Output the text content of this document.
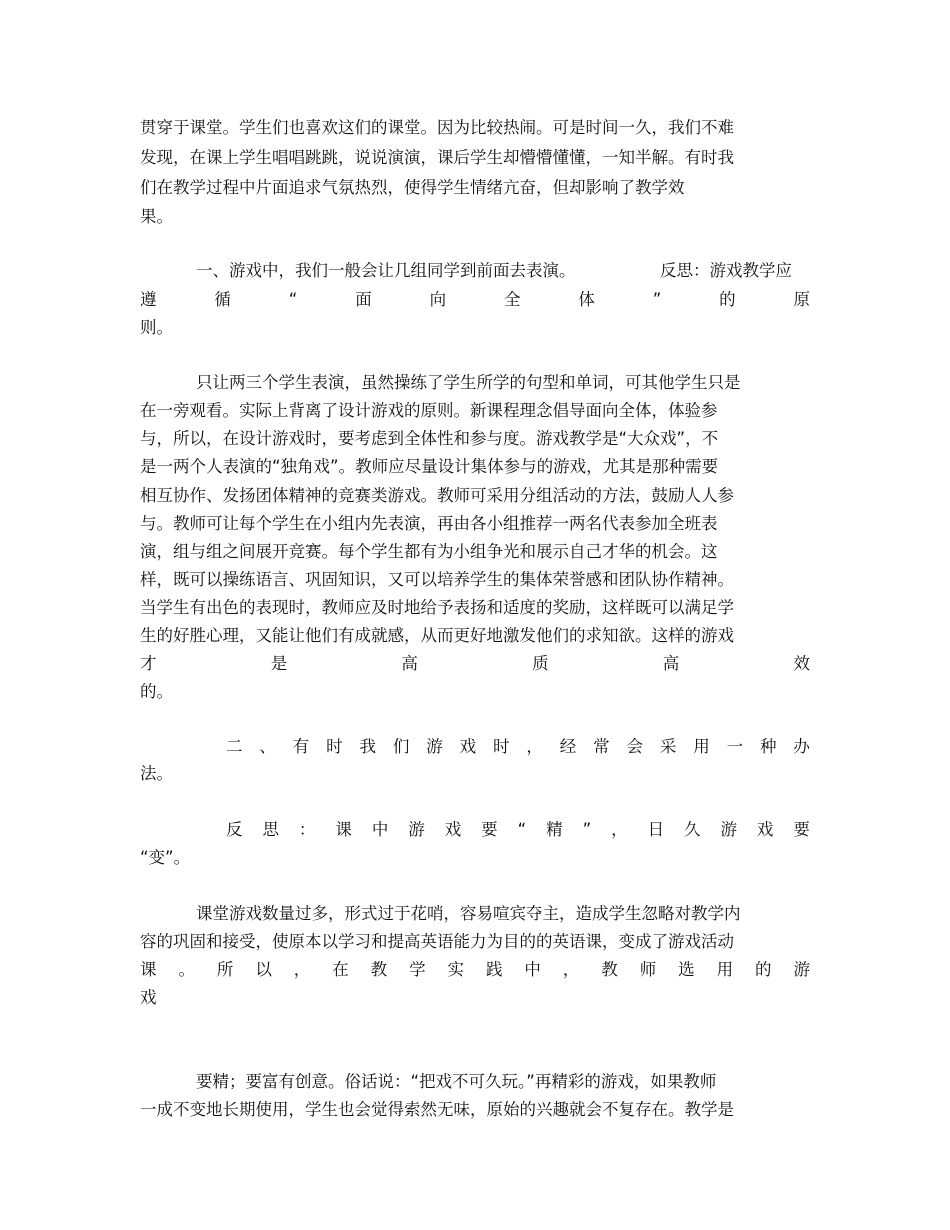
贯穿于课堂。学生们也喜欢这们的课堂。因为比较热闹。可是时间一久，我们不难
发现，在课上学生唱唱跳跳，说说演演，课后学生却懵懵懂懂，一知半解。有时我
们在教学过程中片面追求气氛热烈，使得学生情绪亢奋，但却影响了教学效
果。
一、游戏中，我们一般会让几组同学到前面去表演。	反思：游戏教学应
遵	循	“	面	向	全	体	”	的	原
则。
只让两三个学生表演，虽然操练了学生所学的句型和单词，可其他学生只是
在一旁观看。实际上背离了设计游戏的原则。新课程理念倡导面向全体，体验参
与，所以，在设计游戏时，要考虑到全体性和参与度。游戏教学是“大众戏”，不
是一两个人表演的“独角戏”。教师应尽量设计集体参与的游戏，尤其是那种需要
相互协作、发扬团体精神的竞赛类游戏。教师可采用分组活动的方法，鼓励人人参
与。教师可让每个学生在小组内先表演，再由各小组推荐一两名代表参加全班表
演，组与组之间展开竞赛。每个学生都有为小组争光和展示自己才华的机会。这
样，既可以操练语言、巩固知识，又可以培养学生的集体荣誉感和团队协作精神。
当学生有出色的表现时，教师应及时地给予表扬和适度的奖励，这样既可以满足学
生的好胜心理，又能让他们有成就感，从而更好地激发他们的求知欲。这样的游戏
才	是	高	质	高	效
的。
二 、 有 时 我 们 游 戏 时 ， 经 常 会 采 用 一 种 办
法。
反 思 ： 课 中 游 戏 要 “ 精 ” ， 日 久 游 戏 要
“变”。
课堂游戏数量过多，形式过于花哨，容易喧宾夺主，造成学生忽略对教学内
容的巩固和接受，使原本以学习和提高英语能力为目的的英语课，变成了游戏活动
课 。 所 以 ， 在 教 学 实 践 中 ， 教 师 选 用 的 游
戏
要精；要富有创意。俗话说：“把戏不可久玩。”再精彩的游戏，如果教师
一成不变地长期使用，学生也会觉得索然无味，原始的兴趣就会不复存在。教学是
